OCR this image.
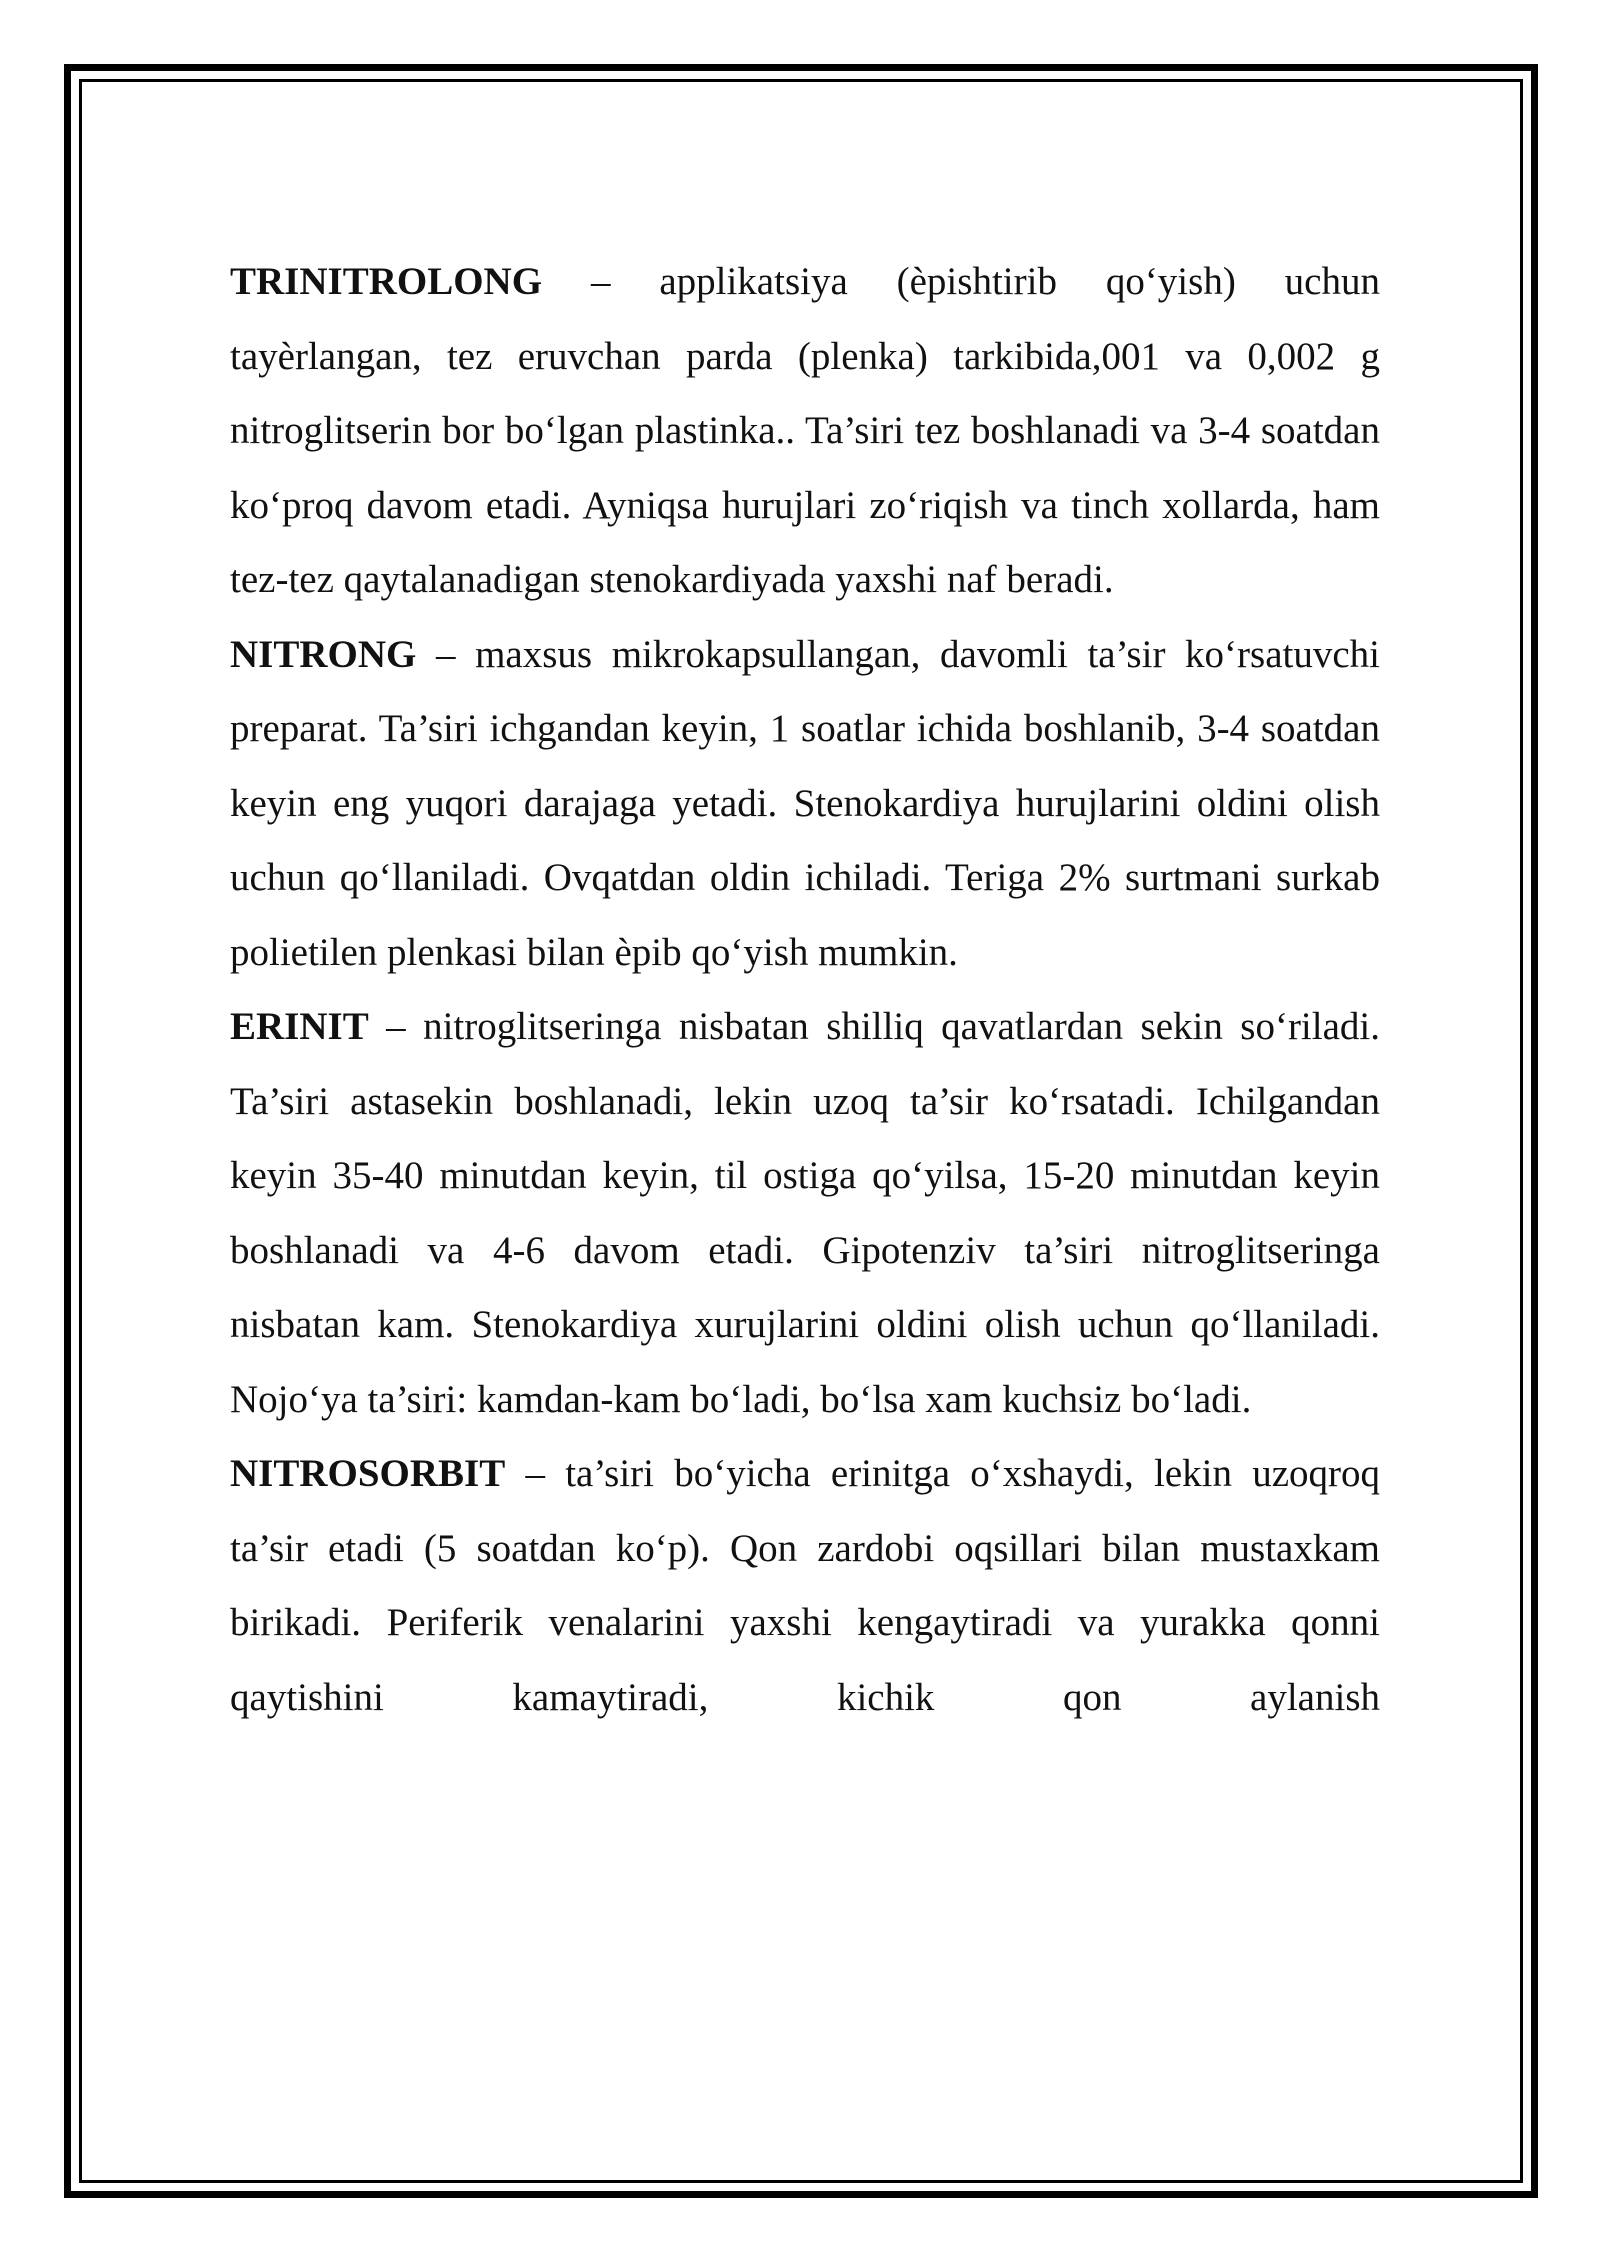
TRINITROLONG – applikatsiya (èpishtirib qo‘yish) uchun tayèrlangan, tez eruvchan parda (plenka) tarkibida,001 va 0,002 g nitroglitserin bor bo‘lgan plastinka.. Ta’siri tez boshlanadi va 3-4 soatdan ko‘proq davom etadi. Ayniqsa hurujlari zo‘riqish va tinch xollarda, ham tez-tez qaytalanadigan stenokardiyada yaxshi naf beradi.

NITRONG – maxsus mikrokapsullangan, davomli ta’sir ko‘rsatuvchi preparat. Ta’siri ichgandan keyin, 1 soatlar ichida boshlanib, 3-4 soatdan keyin eng yuqori darajaga yetadi. Stenokardiya hurujlarini oldini olish uchun qo‘llaniladi. Ovqatdan oldin ichiladi. Teriga 2% surtmani surkab polietilen plenkasi bilan èpib qo‘yish mumkin.

ERINIT – nitroglitseringa nisbatan shilliq qavatlardan sekin so‘riladi. Ta’siri astasekin boshlanadi, lekin uzoq ta’sir ko‘rsatadi. Ichilgandan keyin 35-40 minutdan keyin, til ostiga qo‘yilsa, 15-20 minutdan keyin boshlanadi va 4-6 davom etadi. Gipotenziv ta’siri nitroglitseringa nisbatan kam. Stenokardiya xurujlarini oldini olish uchun qo‘llaniladi. Nojo‘ya ta’siri: kamdan-kam bo‘ladi, bo‘lsa xam kuchsiz bo‘ladi.

NITROSORBIT – ta’siri bo‘yicha erinitga o‘xshaydi, lekin uzoqroq ta’sir etadi (5 soatdan ko‘p). Qon zardobi oqsillari bilan mustaxkam birikadi. Periferik venalarini yaxshi kengaytiradi va yurakka qonni qaytishini kamaytiradi, kichik qon aylanish
